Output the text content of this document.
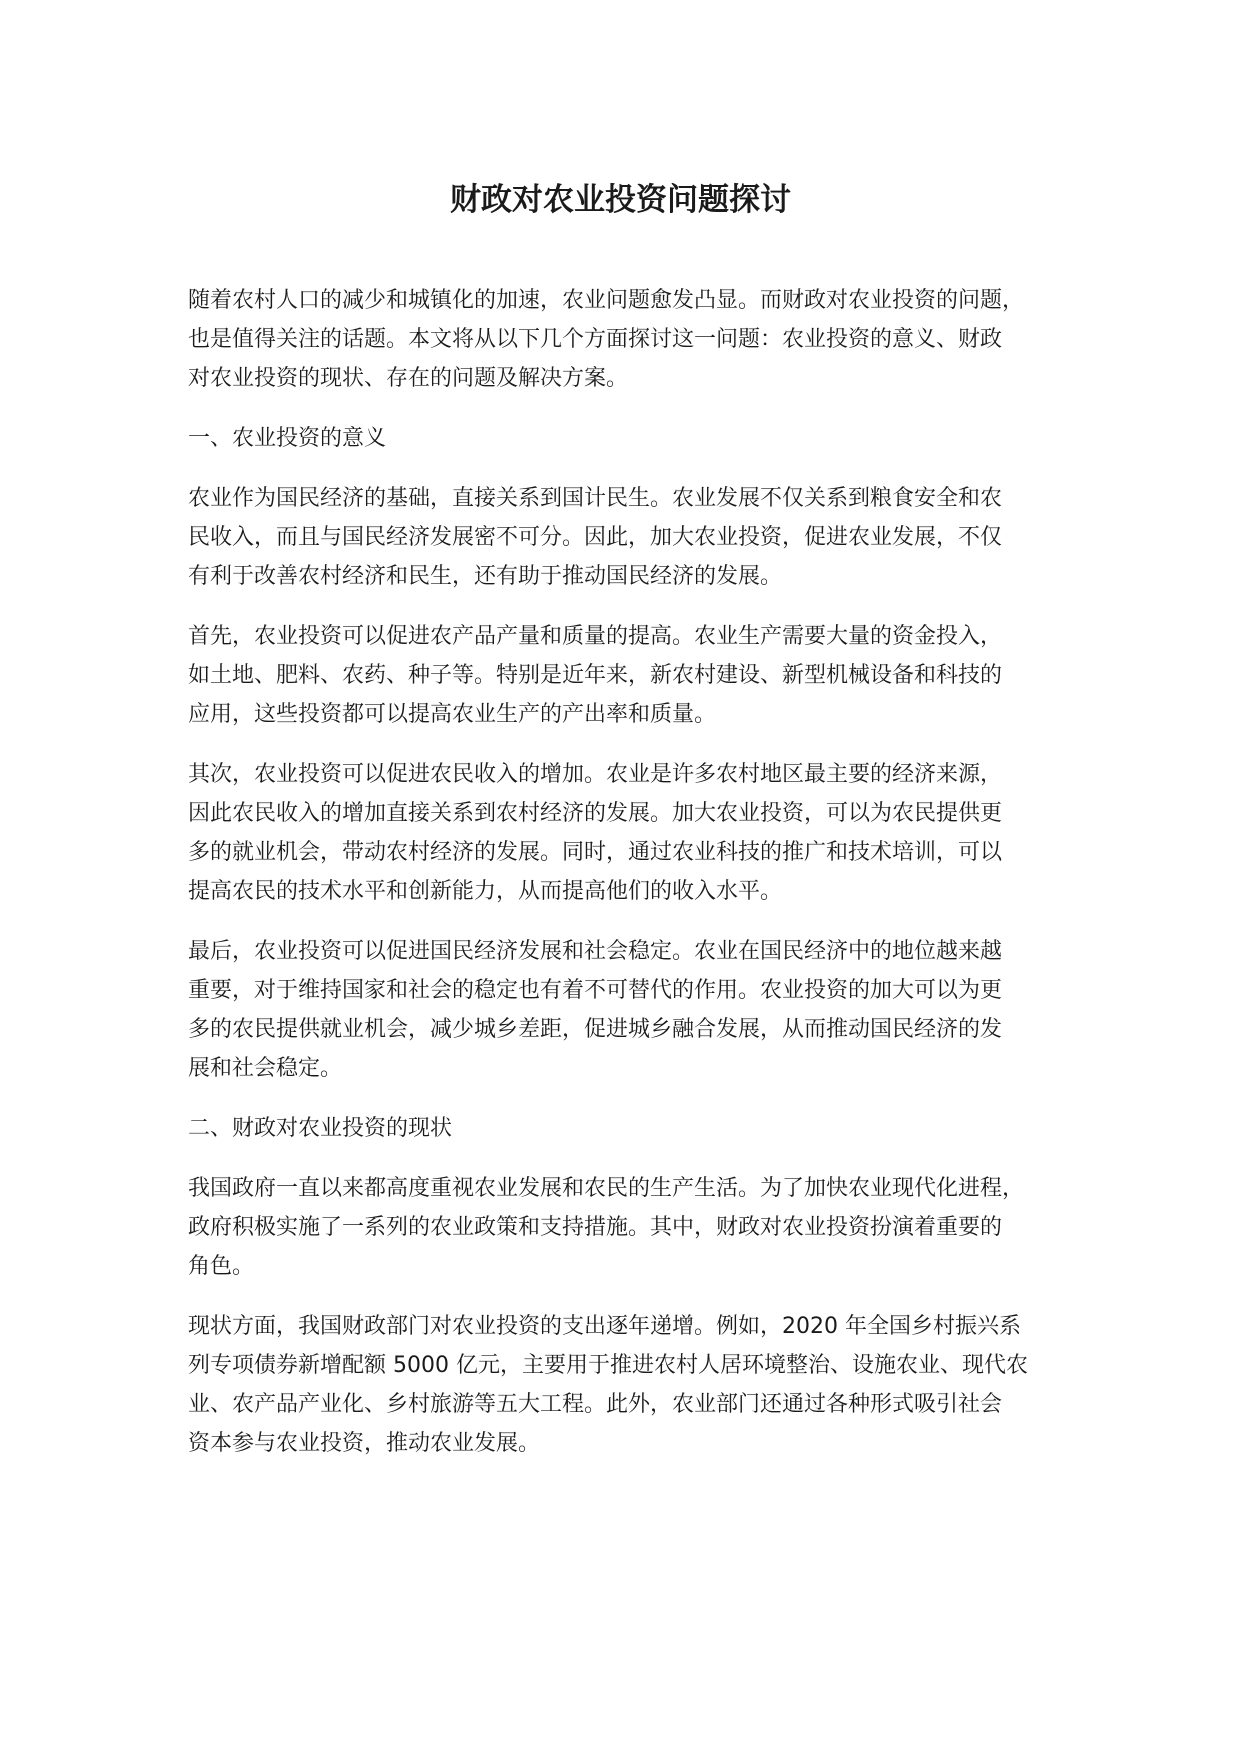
财政对农业投资问题探讨

随着农村人口的减少和城镇化的加速，农业问题愈发凸显。而财政对农业投资的问题，
也是值得关注的话题。本文将从以下几个方面探讨这一问题：农业投资的意义、财政
对农业投资的现状、存在的问题及解决方案。

一、农业投资的意义

农业作为国民经济的基础，直接关系到国计民生。农业发展不仅关系到粮食安全和农
民收入，而且与国民经济发展密不可分。因此，加大农业投资，促进农业发展，不仅
有利于改善农村经济和民生，还有助于推动国民经济的发展。

首先，农业投资可以促进农产品产量和质量的提高。农业生产需要大量的资金投入，
如土地、肥料、农药、种子等。特别是近年来，新农村建设、新型机械设备和科技的
应用，这些投资都可以提高农业生产的产出率和质量。

其次，农业投资可以促进农民收入的增加。农业是许多农村地区最主要的经济来源，
因此农民收入的增加直接关系到农村经济的发展。加大农业投资，可以为农民提供更
多的就业机会，带动农村经济的发展。同时，通过农业科技的推广和技术培训，可以
提高农民的技术水平和创新能力，从而提高他们的收入水平。

最后，农业投资可以促进国民经济发展和社会稳定。农业在国民经济中的地位越来越
重要，对于维持国家和社会的稳定也有着不可替代的作用。农业投资的加大可以为更
多的农民提供就业机会，减少城乡差距，促进城乡融合发展，从而推动国民经济的发
展和社会稳定。

二、财政对农业投资的现状

我国政府一直以来都高度重视农业发展和农民的生产生活。为了加快农业现代化进程，
政府积极实施了一系列的农业政策和支持措施。其中，财政对农业投资扮演着重要的
角色。

现状方面，我国财政部门对农业投资的支出逐年递增。例如，2020 年全国乡村振兴系
列专项债券新增配额 5000 亿元，主要用于推进农村人居环境整治、设施农业、现代农
业、农产品产业化、乡村旅游等五大工程。此外，农业部门还通过各种形式吸引社会
资本参与农业投资，推动农业发展。
